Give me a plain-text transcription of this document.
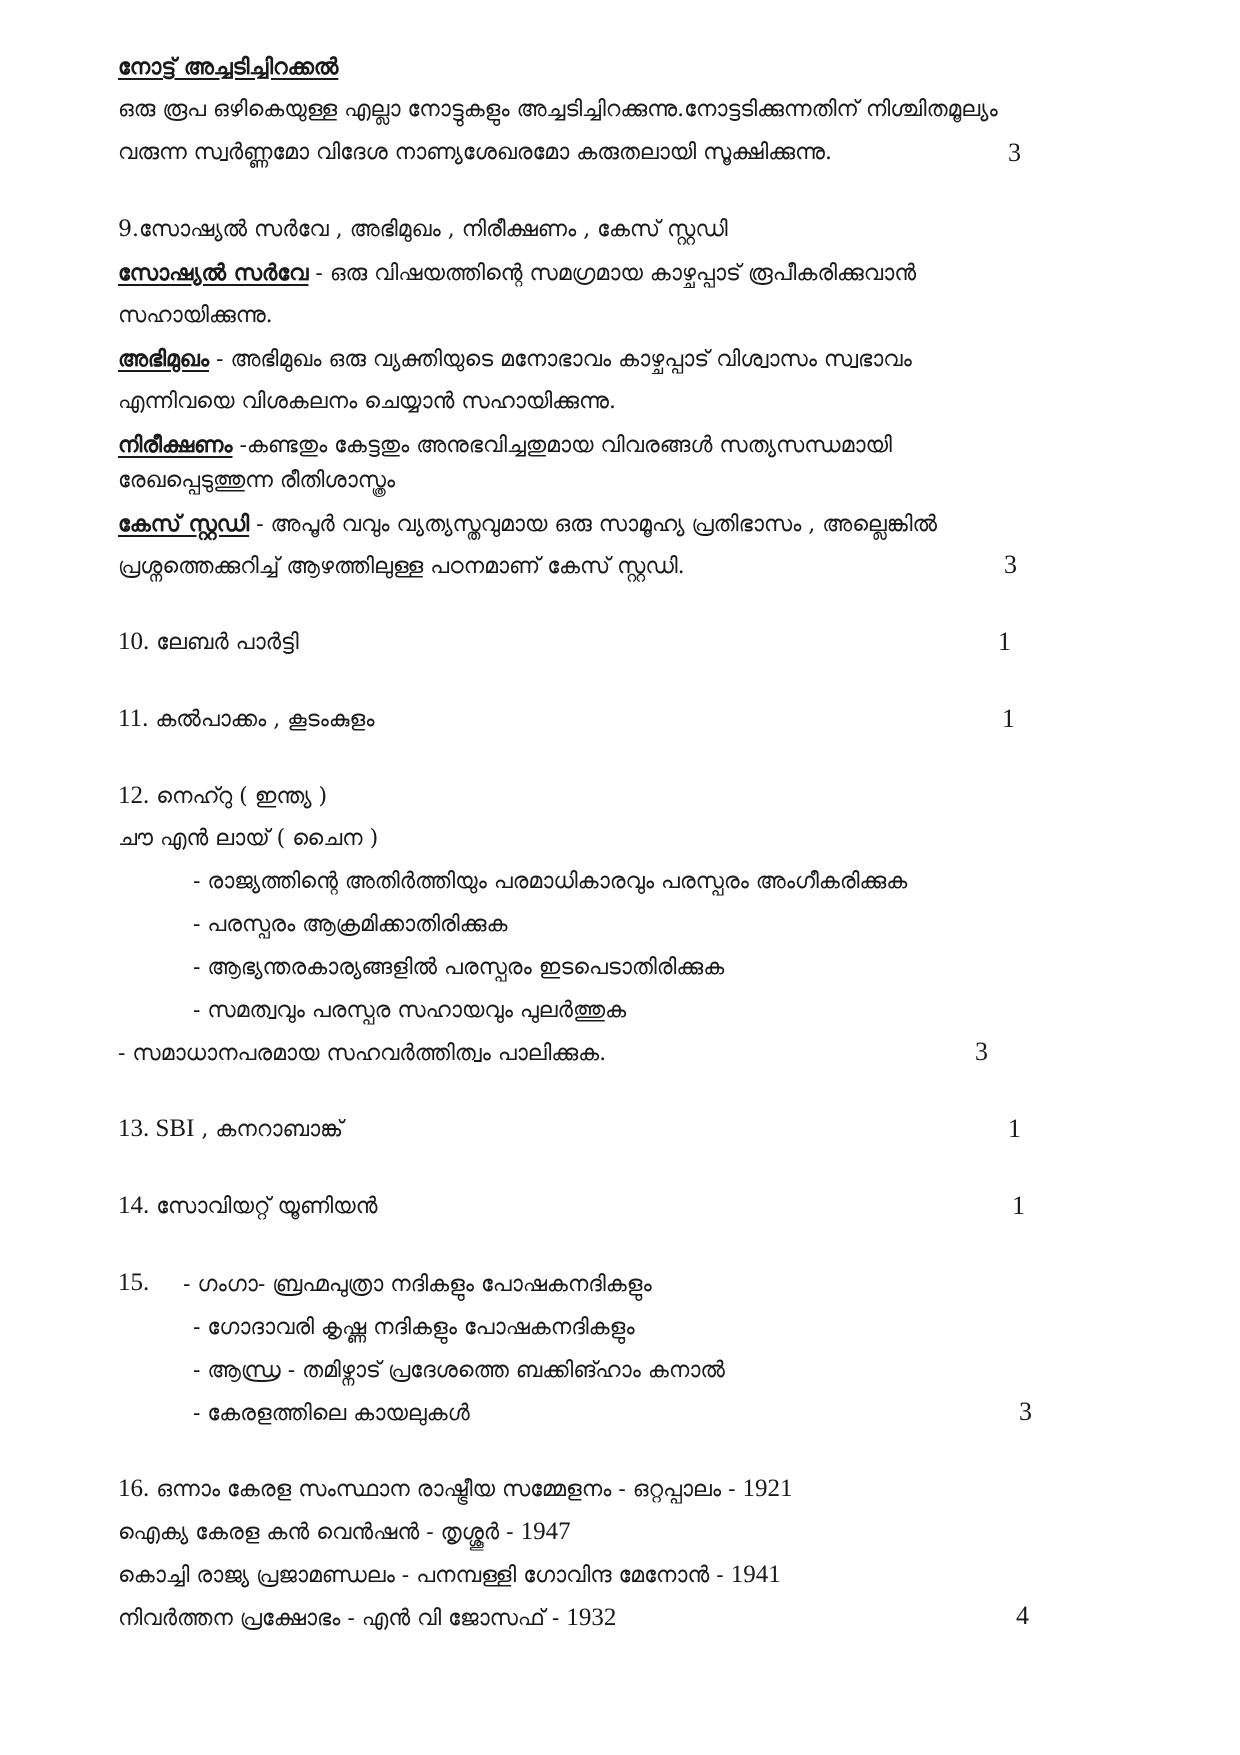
നോട്ട് അച്ചടിച്ചിറക്കൽ
ഒരു രൂപ ഒഴികെയുള്ള എല്ലാ നോട്ടുകളും അച്ചടിച്ചിറക്കുന്നു.നോട്ടടിക്കുന്നതിന് നിശ്ചിതമൂല്യം
വരുന്ന സ്വർണ്ണമോ വിദേശ നാണ്യശേഖരമോ കരുതലായി സൂക്ഷിക്കുന്നു.	3
9.സോഷ്യൽ സർവേ , അഭിമുഖം , നിരീക്ഷണം , കേസ് സ്റ്റഡി
സോഷ്യൽ സർവേ - ഒരു വിഷയത്തിന്റെ സമഗ്രമായ കാഴ്ചപ്പാട് രൂപീകരിക്കുവാൻ
സഹായിക്കുന്നു.
അഭിമുഖം - അഭിമുഖം ഒരു വ്യക്തിയുടെ മനോഭാവം കാഴ്ചപ്പാട് വിശ്വാസം സ്വഭാവം
എന്നിവയെ വിശകലനം ചെയ്യാൻ സഹായിക്കുന്നു.
നിരീക്ഷണം -കണ്ടതും കേട്ടതും അനുഭവിച്ചതുമായ വിവരങ്ങൾ സത്യസന്ധമായി
രേഖപ്പെടുത്തുന്ന രീതിശാസ്ത്രം
കേസ് സ്റ്റഡി - അപൂർ വവും വ്യത്യസ്തവുമായ ഒരു സാമൂഹ്യ പ്രതിഭാസം , അല്ലെങ്കിൽ
പ്രശ്നത്തെക്കുറിച്ച് ആഴത്തിലുള്ള പഠനമാണ് കേസ് സ്റ്റഡി.	3
10. ലേബർ പാർട്ടി	1
11. കൽപാക്കം , കൂടംകുളം	1
12. നെഹ്റു ( ഇന്ത്യ )
ചൗ എൻ ലായ് ( ചൈന )
- രാജ്യത്തിന്റെ അതിർത്തിയും പരമാധികാരവും പരസ്പരം അംഗീകരിക്കുക
- പരസ്പരം ആക്രമിക്കാതിരിക്കുക
- ആഭ്യന്തരകാര്യങ്ങളിൽ പരസ്പരം ഇടപെടാതിരിക്കുക
- സമത്വവും പരസ്പര സഹായവും പുലർത്തുക
- സമാധാനപരമായ സഹവർത്തിത്വം പാലിക്കുക.	3
13. SBI , കനറാബാങ്ക്	1
14. സോവിയറ്റ് യൂണിയൻ	1
15. - ഗംഗാ- ബ്രഹ്മപുത്രാ നദികളും പോഷകനദികളും
- ഗോദാവരി കൃഷ്ണ നദികളും പോഷകനദികളും
- ആന്ധ്ര - തമിഴ്നാട് പ്രദേശത്തെ ബക്കിങ്ഹാം കനാൽ
- കേരളത്തിലെ കായലുകൾ	3
16. ഒന്നാം കേരള സംസ്ഥാന രാഷ്ട്രീയ സമ്മേളനം - ഒറ്റപ്പാലം - 1921
ഐക്യ കേരള കൻ വെൻഷൻ - തൃശ്ശൂർ - 1947
കൊച്ചി രാജ്യ പ്രജാമണ്ഡലം - പനമ്പള്ളി ഗോവിന്ദ മേനോൻ - 1941
നിവർത്തന പ്രക്ഷോഭം - എൻ വി ജോസഫ് - 1932	4
